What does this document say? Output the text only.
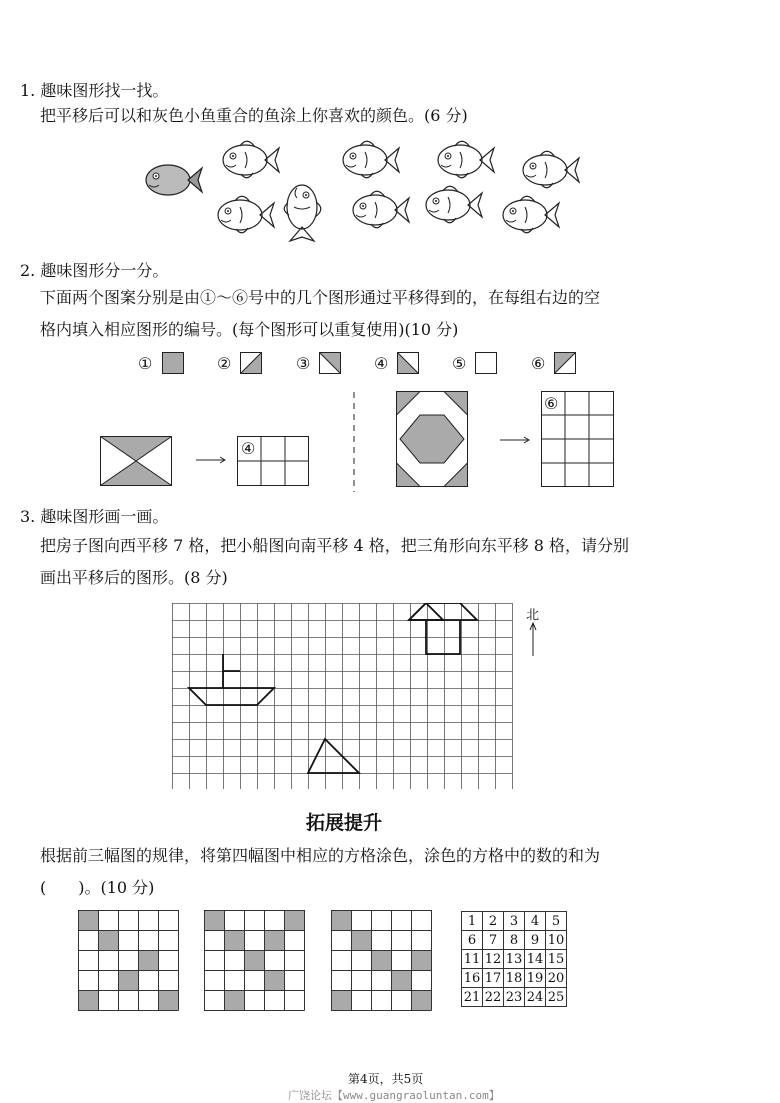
1. 趣味图形找一找。
把平移后可以和灰色小鱼重合的鱼涂上你喜欢的颜色。(6 分)
2. 趣味图形分一分。
下面两个图案分别是由①～⑥号中的几个图形通过平移得到的，在每组右边的空
格内填入相应图形的编号。(每个图形可以重复使用)(10 分)
①	②	③	④	⑤	⑥
④
⑥
3. 趣味图形画一画。
把房子图向西平移 7 格，把小船图向南平移 4 格，把三角形向东平移 8 格，请分别
画出平移后的图形。(8 分)
北
拓展提升
根据前三幅图的规律，将第四幅图中相应的方格涂色，涂色的方格中的数的和为
(　　)。(10 分)
1	2	3	4	5
6	7	8	9	10
11	12	13	14	15
16	17	18	19	20
21	22	23	24	25
第4页，共5页
广饶论坛【www.guangraoluntan.com】
